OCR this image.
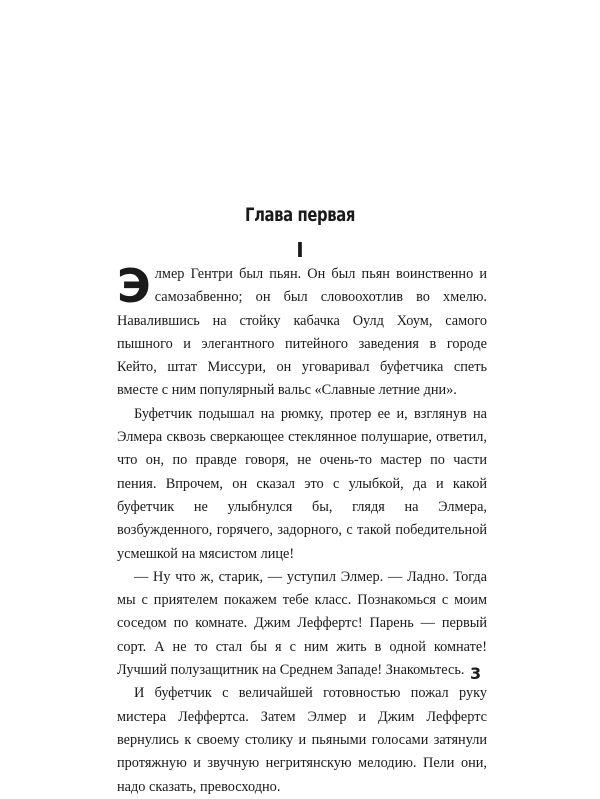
Глава первая
I

Элмер Гентри был пьян. Он был пьян воинственно и самозабвенно; он был словоохотлив во хмелю. Навалившись на стойку кабачка Оулд Хоум, самого пышного и элегантного питейного заведения в городе Кейто, штат Миссури, он уговаривал буфетчика спеть вместе с ним популярный вальс «Славные летние дни».

Буфетчик подышал на рюмку, протер ее и, взглянув на Элмера сквозь сверкающее стеклянное полушарие, ответил, что он, по правде говоря, не очень-то мастер по части пения. Впрочем, он сказал это с улыбкой, да и какой буфетчик не улыбнулся бы, глядя на Элмера, возбужденного, горячего, задорного, с такой победительной усмешкой на мясистом лице!

— Ну что ж, старик, — уступил Элмер. — Ладно. Тогда мы с приятелем покажем тебе класс. Познакомься с моим соседом по комнате. Джим Леффертс! Парень — первый сорт. А не то стал бы я с ним жить в одной комнате! Лучший полузащитник на Среднем Западе! Знакомьтесь.

И буфетчик с величайшей готовностью пожал руку мистера Леффертса. Затем Элмер и Джим Леффертс вернулись к своему столику и пьяными голосами затянули протяжную и звучную негритянскую мелодию. Пели они, надо сказать, превосходно.

3
